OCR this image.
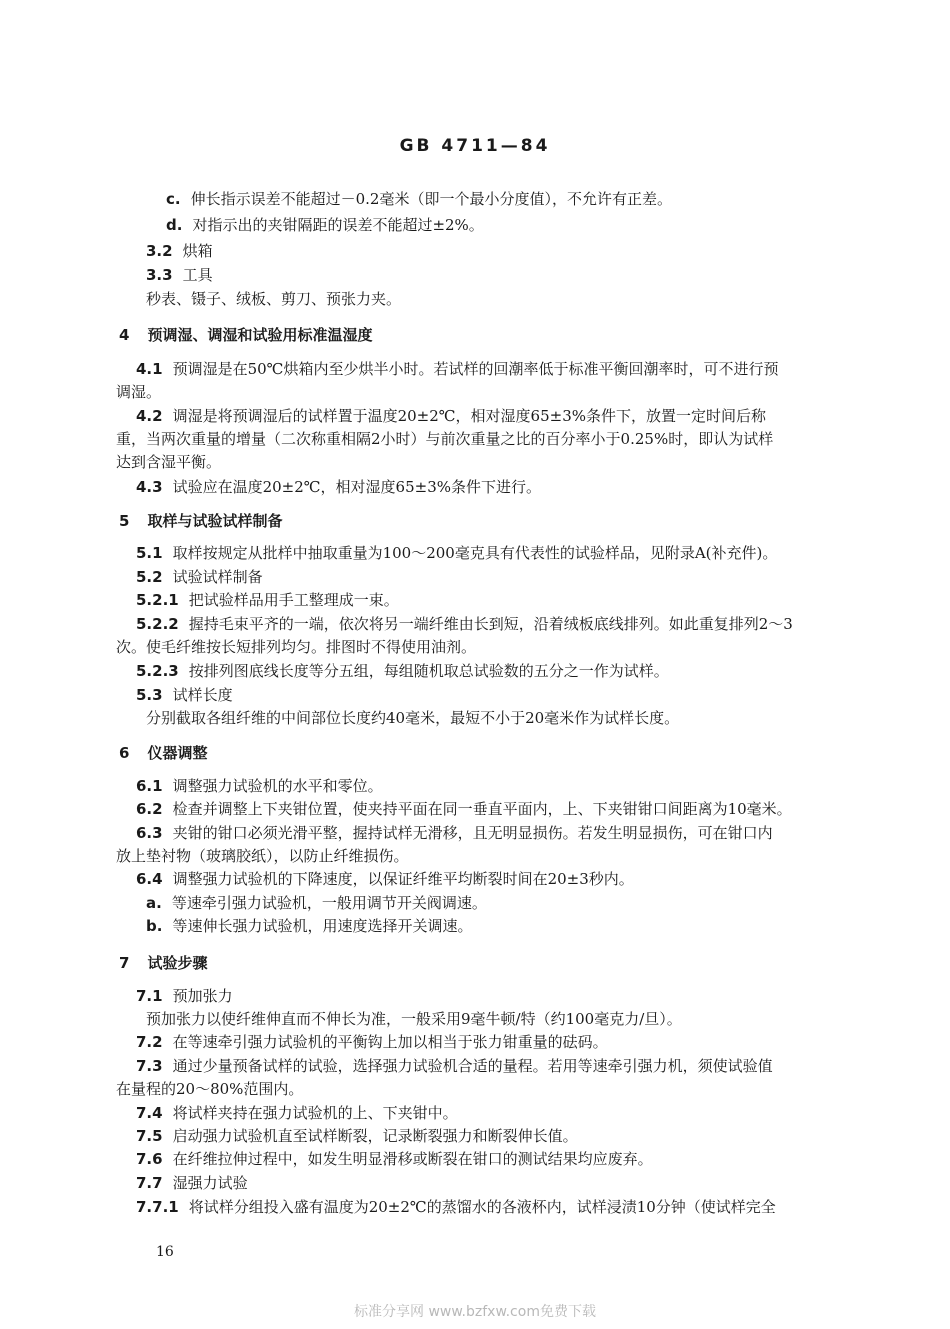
GB 4711—84
c. 伸长指示误差不能超过－0.2毫米（即一个最小分度值），不允许有正差。
d. 对指示出的夹钳隔距的误差不能超过±2%。
3.2 烘箱
3.3 工具
秒表、镊子、绒板、剪刀、预张力夹。
4 预调湿、调湿和试验用标准温湿度
4.1 预调湿是在50℃烘箱内至少烘半小时。若试样的回潮率低于标准平衡回潮率时，可不进行预
调湿。
4.2 调湿是将预调湿后的试样置于温度20±2℃，相对湿度65±3%条件下，放置一定时间后称
重，当两次重量的增量（二次称重相隔2小时）与前次重量之比的百分率小于0.25%时，即认为试样
达到含湿平衡。
4.3 试验应在温度20±2℃，相对湿度65±3%条件下进行。
5 取样与试验试样制备
5.1 取样按规定从批样中抽取重量为100～200毫克具有代表性的试验样品，见附录A(补充件)。
5.2 试验试样制备
5.2.1 把试验样品用手工整理成一束。
5.2.2 握持毛束平齐的一端，依次将另一端纤维由长到短，沿着绒板底线排列。如此重复排列2～3
次。使毛纤维按长短排列均匀。排图时不得使用油剂。
5.2.3 按排列图底线长度等分五组，每组随机取总试验数的五分之一作为试样。
5.3 试样长度
分别截取各组纤维的中间部位长度约40毫米，最短不小于20毫米作为试样长度。
6 仪器调整
6.1 调整强力试验机的水平和零位。
6.2 检查并调整上下夹钳位置，使夹持平面在同一垂直平面内，上、下夹钳钳口间距离为10毫米。
6.3 夹钳的钳口必须光滑平整，握持试样无滑移，且无明显损伤。若发生明显损伤，可在钳口内
放上垫衬物（玻璃胶纸），以防止纤维损伤。
6.4 调整强力试验机的下降速度，以保证纤维平均断裂时间在20±3秒内。
a. 等速牵引强力试验机，一般用调节开关阀调速。
b. 等速伸长强力试验机，用速度选择开关调速。
7 试验步骤
7.1 预加张力
预加张力以使纤维伸直而不伸长为准，一般采用9毫牛顿/特（约100毫克力/旦）。
7.2 在等速牵引强力试验机的平衡钩上加以相当于张力钳重量的砝码。
7.3 通过少量预备试样的试验，选择强力试验机合适的量程。若用等速牵引强力机，须使试验值
在量程的20～80%范围内。
7.4 将试样夹持在强力试验机的上、下夹钳中。
7.5 启动强力试验机直至试样断裂，记录断裂强力和断裂伸长值。
7.6 在纤维拉伸过程中，如发生明显滑移或断裂在钳口的测试结果均应废弃。
7.7 湿强力试验
7.7.1 将试样分组投入盛有温度为20±2℃的蒸馏水的各液杯内，试样浸渍10分钟（使试样完全
16
标准分享网 www.bzfxw.com免费下载
